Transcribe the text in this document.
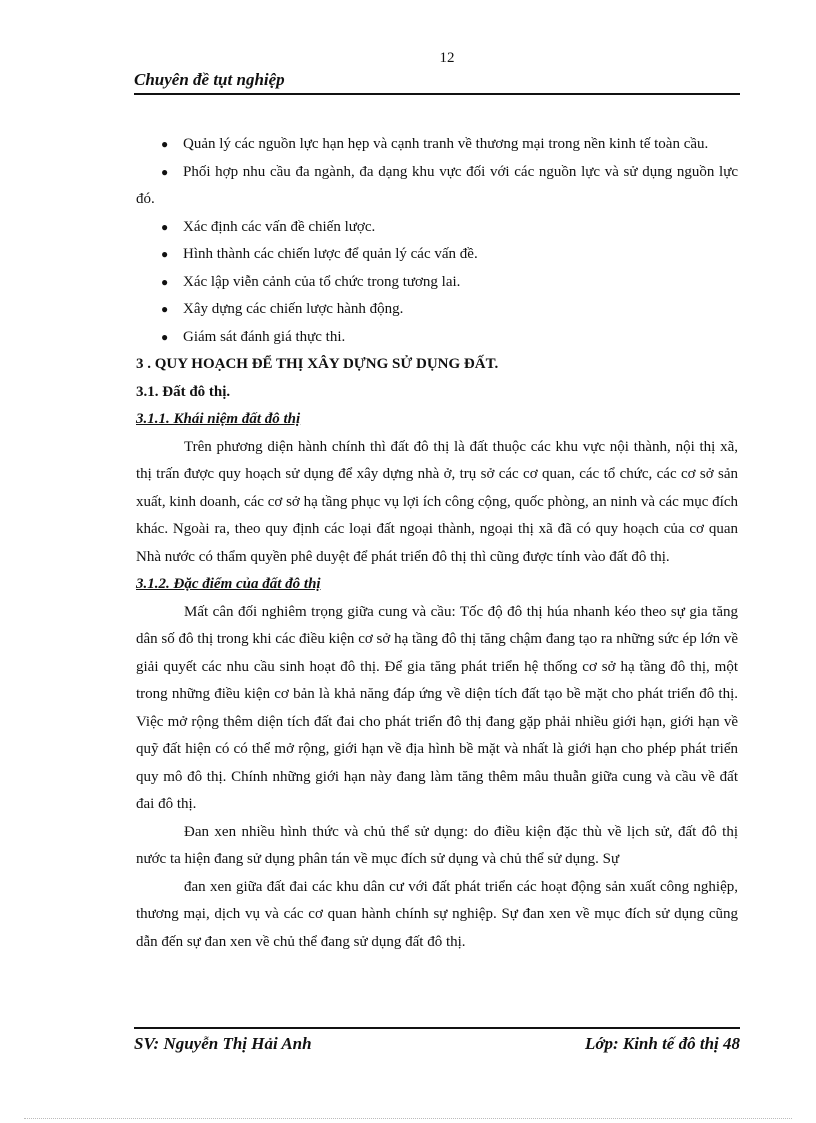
12
Chuyên đề tụt nghiệp
● Quản lý các nguồn lực hạn hẹp và cạnh tranh về thương mại trong nền kinh tế toàn cầu.
● Phối hợp nhu cầu đa ngành, đa dạng khu vực đối với các nguồn lực và sử dụng nguồn lực đó.
● Xác định các vấn đề chiến lược.
● Hình thành các chiến lược để quản lý các vấn đề.
● Xác lập viễn cảnh của tổ chức trong tương lai.
● Xây dựng các chiến lược hành động.
● Giám sát đánh giá thực thi.
3 . QUY HOẠCH ĐỂ THỊ XÂY DỰNG SỬ DỤNG ĐẤT.
3.1. Đất đô thị.
3.1.1. Khái niệm đất đô thị
Trên phương diện hành chính thì đất đô thị là đất thuộc các khu vực nội thành, nội thị xã, thị trấn được quy hoạch sử dụng để xây dựng nhà ở, trụ sở các cơ quan, các tổ chức, các cơ sở sản xuất, kinh doanh, các cơ sở hạ tầng phục vụ lợi ích công cộng, quốc phòng, an ninh và các mục đích khác. Ngoài ra, theo quy định các loại đất ngoại thành, ngoại thị xã đã có quy hoạch của cơ quan Nhà nước có thẩm quyền phê duyệt để phát triển đô thị thì cũng được tính vào đất đô thị.
3.1.2. Đặc điểm của đất đô thị
Mất cân đối nghiêm trọng giữa cung và cầu: Tốc độ đô thị húa nhanh kéo theo sự gia tăng dân số đô thị trong khi các điều kiện cơ sở hạ tầng đô thị tăng chậm đang tạo ra những sức ép lớn về giải quyết các nhu cầu sinh hoạt đô thị. Để gia tăng phát triển hệ thống cơ sở hạ tầng đô thị, một trong những điều kiện cơ bản là khả năng đáp ứng về diện tích đất tạo bề mặt cho phát triển đô thị. Việc mở rộng thêm diện tích đất đai cho phát triển đô thị đang gặp phải nhiều giới hạn, giới hạn về quỹ đất hiện có có thể mở rộng, giới hạn về địa hình bề mặt và nhất là giới hạn cho phép phát triển quy mô đô thị. Chính những giới hạn này đang làm tăng thêm mâu thuẫn giữa cung và cầu về đất đai đô thị.
Đan xen nhiều hình thức và chủ thể sử dụng: do điều kiện đặc thù về lịch sử, đất đô thị nước ta hiện đang sử dụng phân tán về mục đích sử dụng và chủ thể sử dụng. Sự
đan xen giữa đất đai các khu dân cư với đất phát triển các hoạt động sản xuất công nghiệp, thương mại, dịch vụ và các cơ quan hành chính sự nghiệp. Sự đan xen về mục đích sử dụng cũng dẫn đến sự đan xen về chủ thể đang sử dụng đất đô thị.
SV: Nguyễn Thị Hải Anh	Lớp: Kinh tế đô thị 48
